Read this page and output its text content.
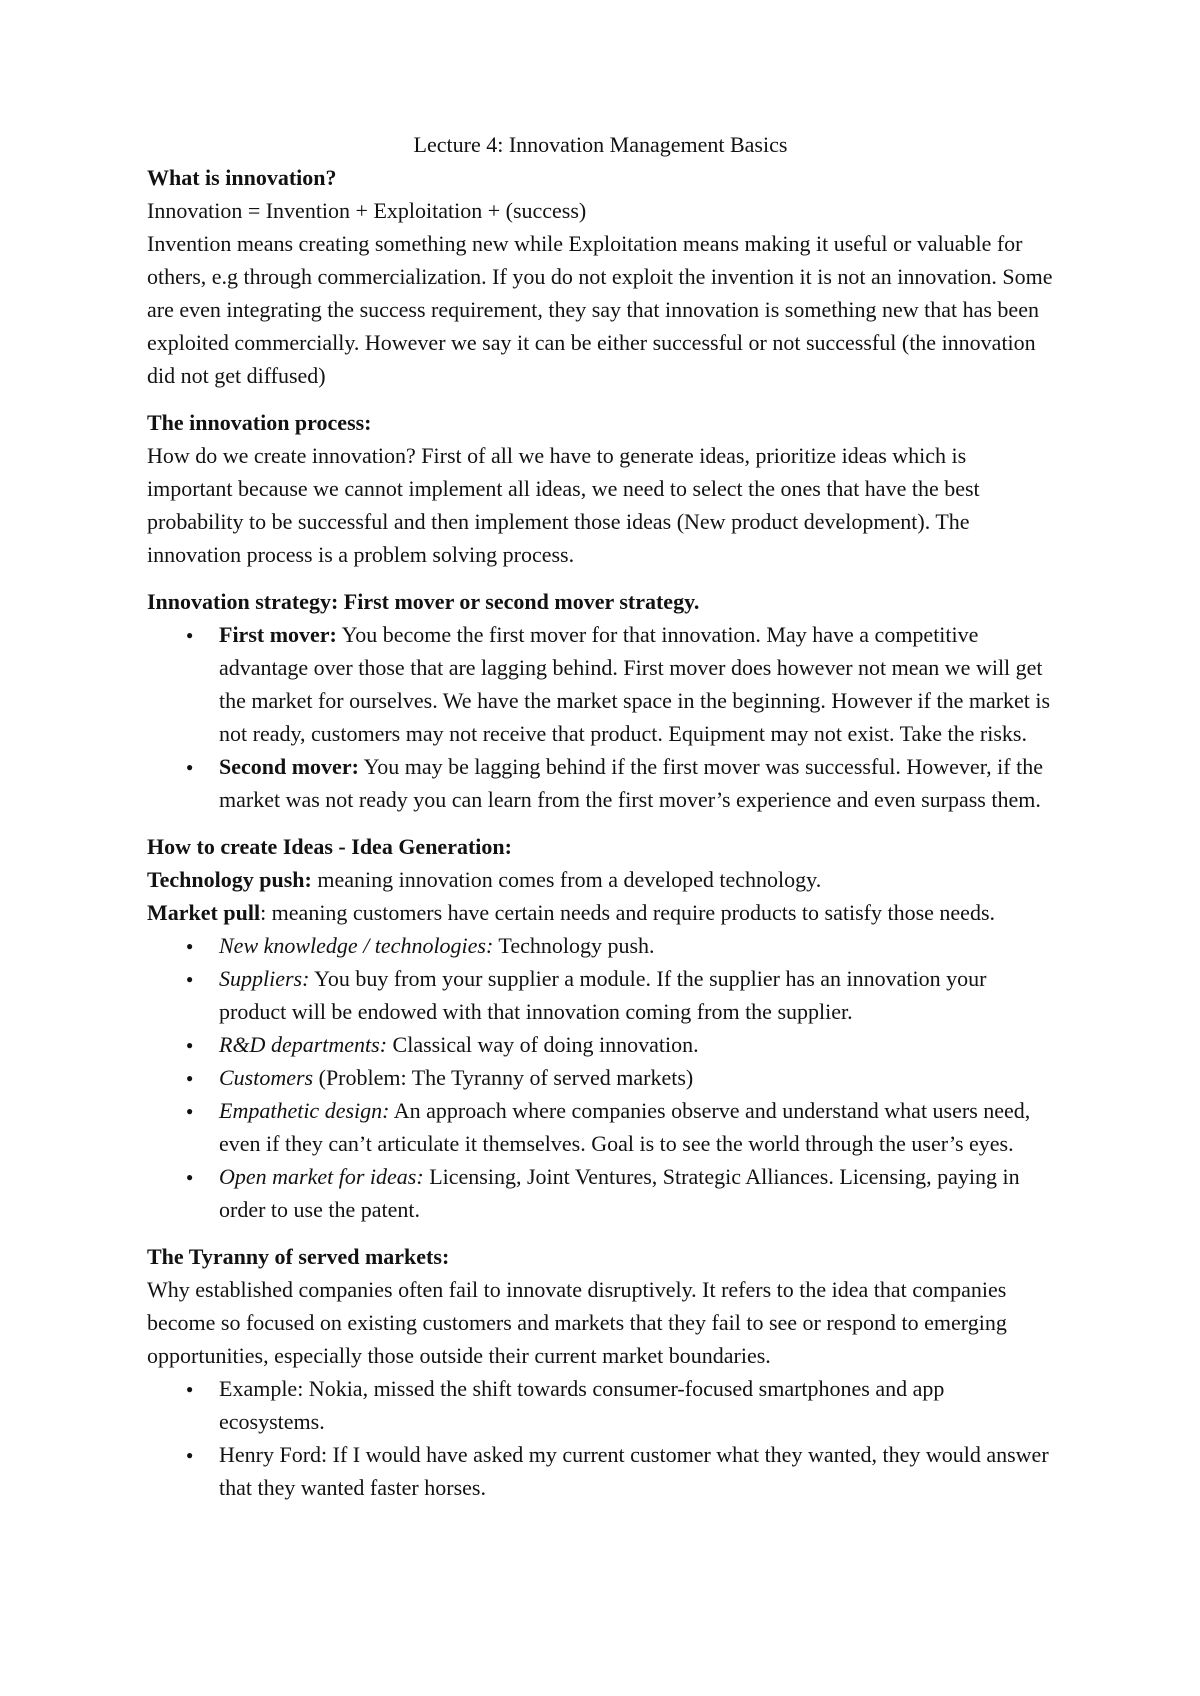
Lecture 4: Innovation Management Basics

What is innovation?

Innovation = Invention + Exploitation + (success)

Invention means creating something new while Exploitation means making it useful or valuable for others, e.g through commercialization. If you do not exploit the invention it is not an innovation. Some are even integrating the success requirement, they say that innovation is something new that has been exploited commercially. However we say it can be either successful or not successful (the innovation did not get diffused)

The innovation process:

How do we create innovation? First of all we have to generate ideas, prioritize ideas which is important because we cannot implement all ideas, we need to select the ones that have the best probability to be successful and then implement those ideas (New product development). The innovation process is a problem solving process.

Innovation strategy: First mover or second mover strategy.

● First mover: You become the first mover for that innovation. May have a competitive advantage over those that are lagging behind. First mover does however not mean we will get the market for ourselves. We have the market space in the beginning. However if the market is not ready, customers may not receive that product. Equipment may not exist. Take the risks.
● Second mover: You may be lagging behind if the first mover was successful. However, if the market was not ready you can learn from the first mover’s experience and even surpass them.

How to create Ideas - Idea Generation:

Technology push: meaning innovation comes from a developed technology.

Market pull: meaning customers have certain needs and require products to satisfy those needs.

● New knowledge / technologies: Technology push.
● Suppliers: You buy from your supplier a module. If the supplier has an innovation your product will be endowed with that innovation coming from the supplier.
● R&D departments: Classical way of doing innovation.
● Customers (Problem: The Tyranny of served markets)
● Empathetic design: An approach where companies observe and understand what users need, even if they can’t articulate it themselves. Goal is to see the world through the user’s eyes.
● Open market for ideas: Licensing, Joint Ventures, Strategic Alliances. Licensing, paying in order to use the patent.

The Tyranny of served markets:

Why established companies often fail to innovate disruptively. It refers to the idea that companies become so focused on existing customers and markets that they fail to see or respond to emerging opportunities, especially those outside their current market boundaries.

● Example: Nokia, missed the shift towards consumer-focused smartphones and app ecosystems.
● Henry Ford: If I would have asked my current customer what they wanted, they would answer that they wanted faster horses.
